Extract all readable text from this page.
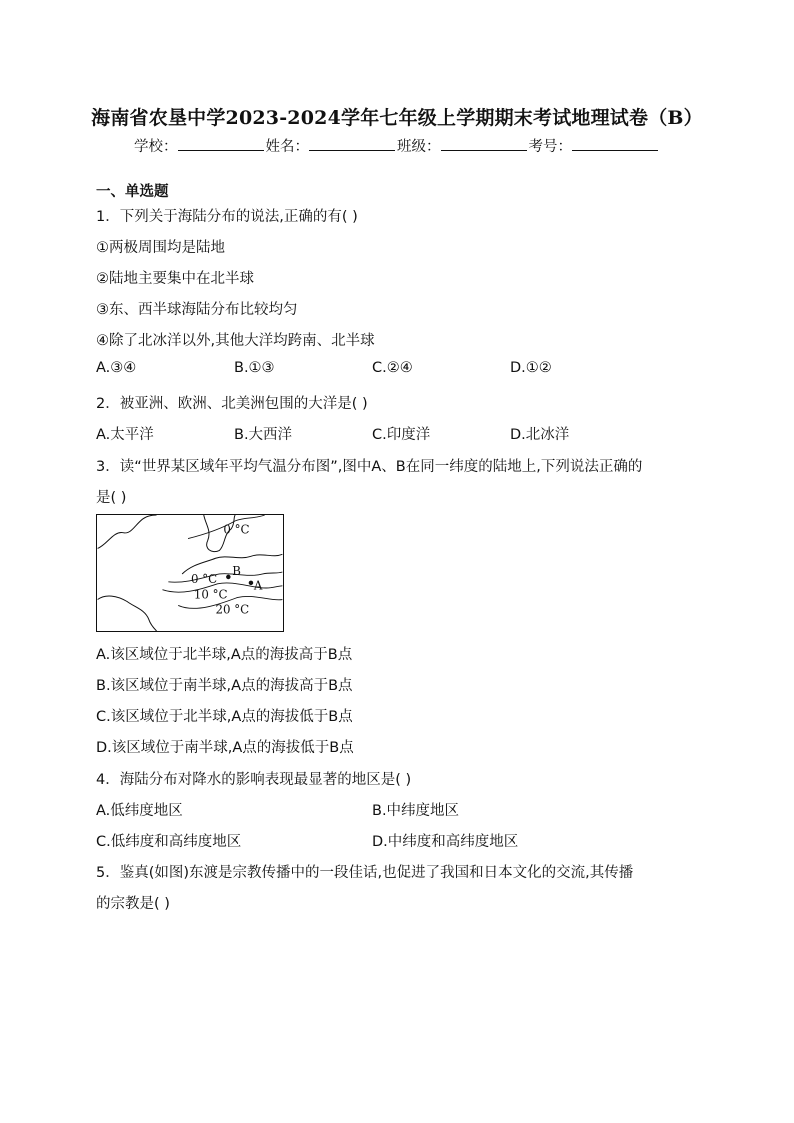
海南省农垦中学2023-2024学年七年级上学期期末考试地理试卷（B）
学校：	姓名：	班级：	考号：
一、单选题
1．下列关于海陆分布的说法,正确的有( )
①两极周围均是陆地
②陆地主要集中在北半球
③东、西半球海陆分布比较均匀
④除了北冰洋以外,其他大洋均跨南、北半球
A.③④	B.①③	C.②④	D.①②
2．被亚洲、欧洲、北美洲包围的大洋是( )
A.太平洋	B.大西洋	C.印度洋	D.北冰洋
3．读“世界某区域年平均气温分布图”,图中A、B在同一纬度的陆地上,下列说法正确的
是( )
0 °C
0 °C
10 °C
20 °C
B
A
A.该区域位于北半球,A点的海拔高于B点
B.该区域位于南半球,A点的海拔高于B点
C.该区域位于北半球,A点的海拔低于B点
D.该区域位于南半球,A点的海拔低于B点
4．海陆分布对降水的影响表现最显著的地区是( )
A.低纬度地区	B.中纬度地区
C.低纬度和高纬度地区	D.中纬度和高纬度地区
5．鉴真(如图)东渡是宗教传播中的一段佳话,也促进了我国和日本文化的交流,其传播
的宗教是( )
